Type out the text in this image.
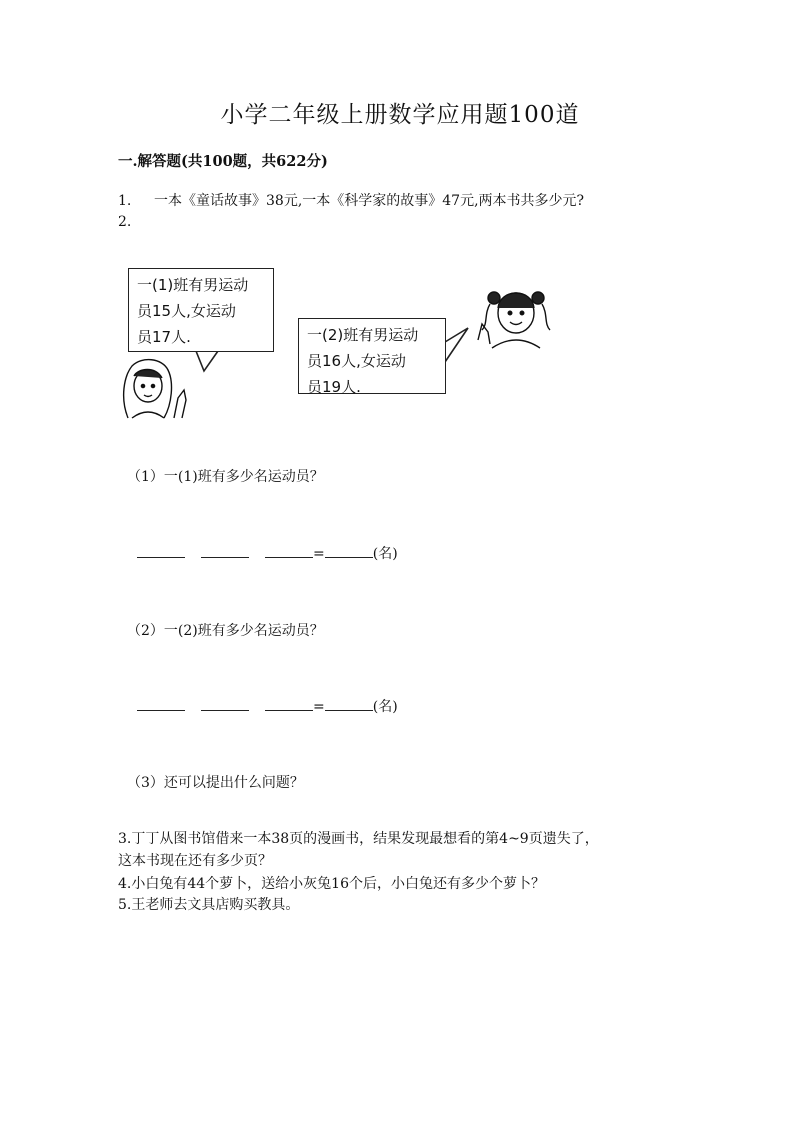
小学二年级上册数学应用题100道
一.解答题(共100题，共622分)
1. 一本《童话故事》38元,一本《科学家的故事》47元,两本书共多少元?
2.
一(1)班有男运动
员15人,女运动
员17人.	一(2)班有男运动
员16人,女运动
员19人.
（1）一(1)班有多少名运动员？
=	(名)
（2）一(2)班有多少名运动员？
=	(名)
（3）还可以提出什么问题？
3.丁丁从图书馆借来一本38页的漫画书，结果发现最想看的第4~9页遗失了，
这本书现在还有多少页？
4.小白兔有44个萝卜，送给小灰兔16个后，小白兔还有多少个萝卜？
5.王老师去文具店购买教具。
